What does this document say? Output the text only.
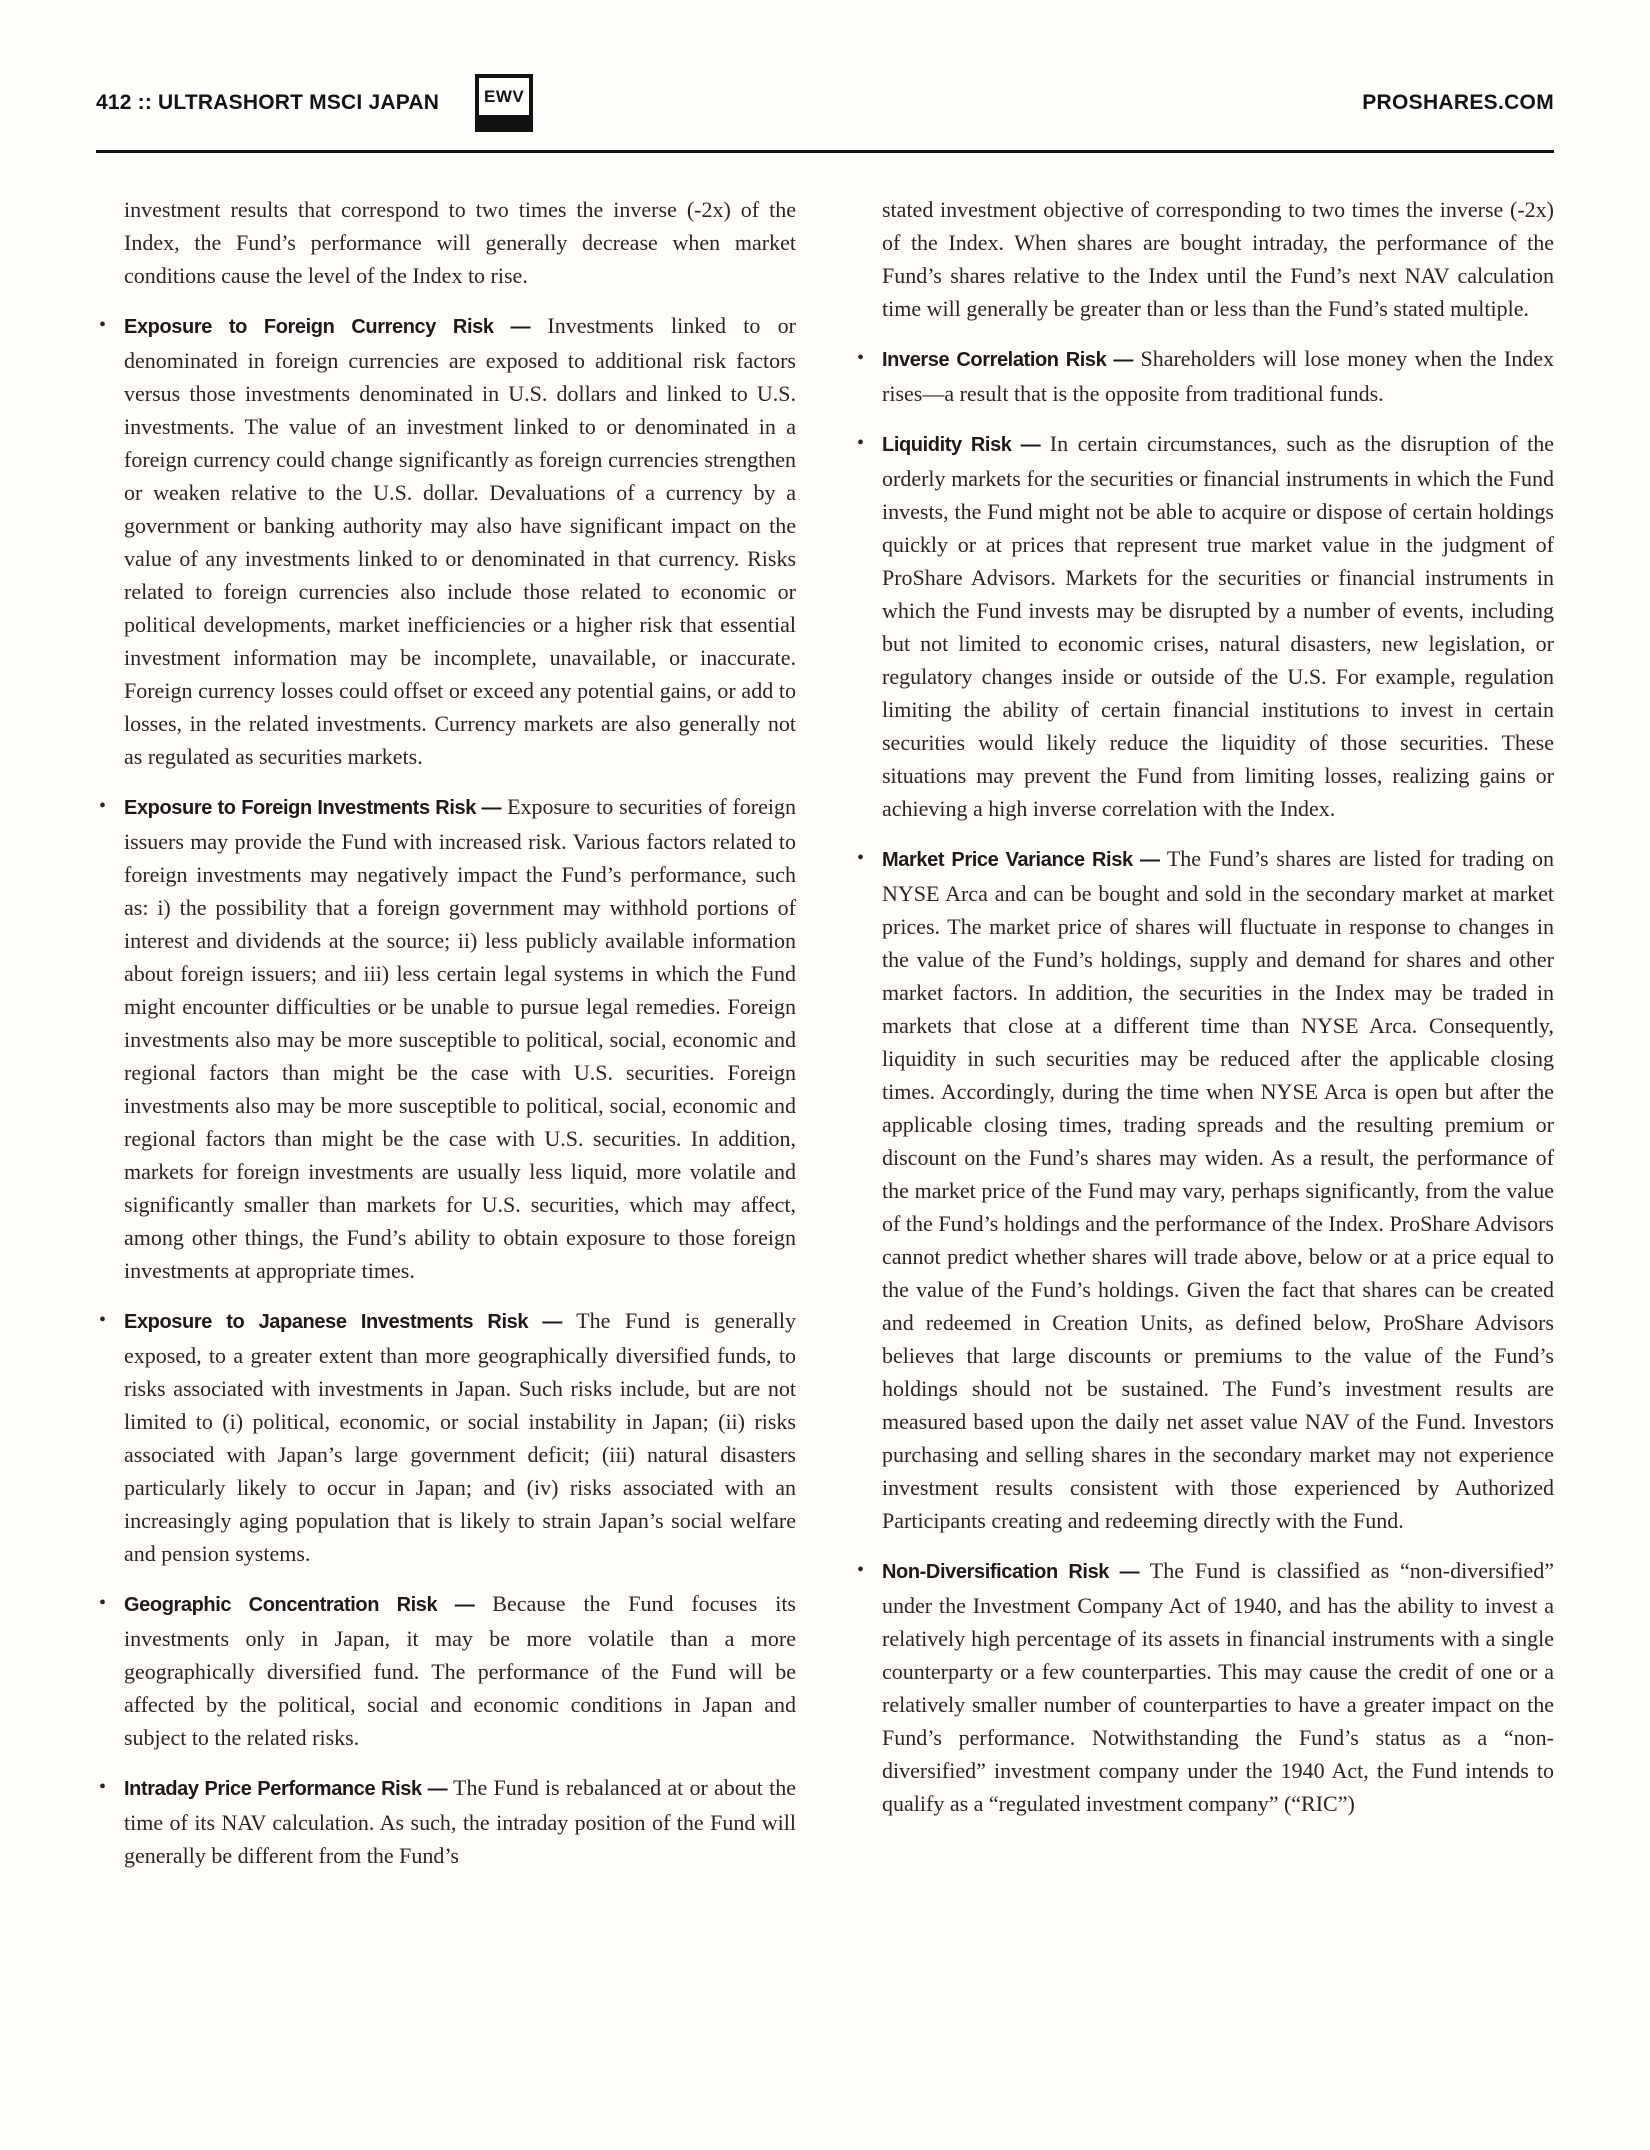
412 :: ULTRASHORT MSCI JAPAN	EWV	PROSHARES.COM

investment results that correspond to two times the inverse (-2x) of the Index, the Fund’s performance will generally decrease when market conditions cause the level of the Index to rise.

• Exposure to Foreign Currency Risk — Investments linked to or denominated in foreign currencies are exposed to additional risk factors versus those investments denominated in U.S. dollars and linked to U.S. investments. The value of an investment linked to or denominated in a foreign currency could change significantly as foreign currencies strengthen or weaken relative to the U.S. dollar. Devaluations of a currency by a government or banking authority may also have significant impact on the value of any investments linked to or denominated in that currency. Risks related to foreign currencies also include those related to economic or political developments, market inefficiencies or a higher risk that essential investment information may be incomplete, unavailable, or inaccurate. Foreign currency losses could offset or exceed any potential gains, or add to losses, in the related investments. Currency markets are also generally not as regulated as securities markets.
• Exposure to Foreign Investments Risk — Exposure to securities of foreign issuers may provide the Fund with increased risk. Various factors related to foreign investments may negatively impact the Fund’s performance, such as: i) the possibility that a foreign government may withhold portions of interest and dividends at the source; ii) less publicly available information about foreign issuers; and iii) less certain legal systems in which the Fund might encounter difficulties or be unable to pursue legal remedies. Foreign investments also may be more susceptible to political, social, economic and regional factors than might be the case with U.S. securities. Foreign investments also may be more susceptible to political, social, economic and regional factors than might be the case with U.S. securities. In addition, markets for foreign investments are usually less liquid, more volatile and significantly smaller than markets for U.S. securities, which may affect, among other things, the Fund’s ability to obtain exposure to those foreign investments at appropriate times.
• Exposure to Japanese Investments Risk — The Fund is generally exposed, to a greater extent than more geographically diversified funds, to risks associated with investments in Japan. Such risks include, but are not limited to (i) political, economic, or social instability in Japan; (ii) risks associated with Japan’s large government deficit; (iii) natural disasters particularly likely to occur in Japan; and (iv) risks associated with an increasingly aging population that is likely to strain Japan’s social welfare and pension systems.
• Geographic Concentration Risk — Because the Fund focuses its investments only in Japan, it may be more volatile than a more geographically diversified fund. The performance of the Fund will be affected by the political, social and economic conditions in Japan and subject to the related risks.
• Intraday Price Performance Risk — The Fund is rebalanced at or about the time of its NAV calculation. As such, the intraday position of the Fund will generally be different from the Fund’s

stated investment objective of corresponding to two times the inverse (-2x) of the Index. When shares are bought intraday, the performance of the Fund’s shares relative to the Index until the Fund’s next NAV calculation time will generally be greater than or less than the Fund’s stated multiple.

• Inverse Correlation Risk — Shareholders will lose money when the Index rises—a result that is the opposite from traditional funds.
• Liquidity Risk — In certain circumstances, such as the disruption of the orderly markets for the securities or financial instruments in which the Fund invests, the Fund might not be able to acquire or dispose of certain holdings quickly or at prices that represent true market value in the judgment of ProShare Advisors. Markets for the securities or financial instruments in which the Fund invests may be disrupted by a number of events, including but not limited to economic crises, natural disasters, new legislation, or regulatory changes inside or outside of the U.S. For example, regulation limiting the ability of certain financial institutions to invest in certain securities would likely reduce the liquidity of those securities. These situations may prevent the Fund from limiting losses, realizing gains or achieving a high inverse correlation with the Index.
• Market Price Variance Risk — The Fund’s shares are listed for trading on NYSE Arca and can be bought and sold in the secondary market at market prices. The market price of shares will fluctuate in response to changes in the value of the Fund’s holdings, supply and demand for shares and other market factors. In addition, the securities in the Index may be traded in markets that close at a different time than NYSE Arca. Consequently, liquidity in such securities may be reduced after the applicable closing times. Accordingly, during the time when NYSE Arca is open but after the applicable closing times, trading spreads and the resulting premium or discount on the Fund’s shares may widen. As a result, the performance of the market price of the Fund may vary, perhaps significantly, from the value of the Fund’s holdings and the performance of the Index. ProShare Advisors cannot predict whether shares will trade above, below or at a price equal to the value of the Fund’s holdings. Given the fact that shares can be created and redeemed in Creation Units, as defined below, ProShare Advisors believes that large discounts or premiums to the value of the Fund’s holdings should not be sustained. The Fund’s investment results are measured based upon the daily net asset value NAV of the Fund. Investors purchasing and selling shares in the secondary market may not experience investment results consistent with those experienced by Authorized Participants creating and redeeming directly with the Fund.
• Non-Diversification Risk — The Fund is classified as “non-diversified” under the Investment Company Act of 1940, and has the ability to invest a relatively high percentage of its assets in financial instruments with a single counterparty or a few counterparties. This may cause the credit of one or a relatively smaller number of counterparties to have a greater impact on the Fund’s performance. Notwithstanding the Fund’s status as a “non-diversified” investment company under the 1940 Act, the Fund intends to qualify as a “regulated investment company” (“RIC”)
